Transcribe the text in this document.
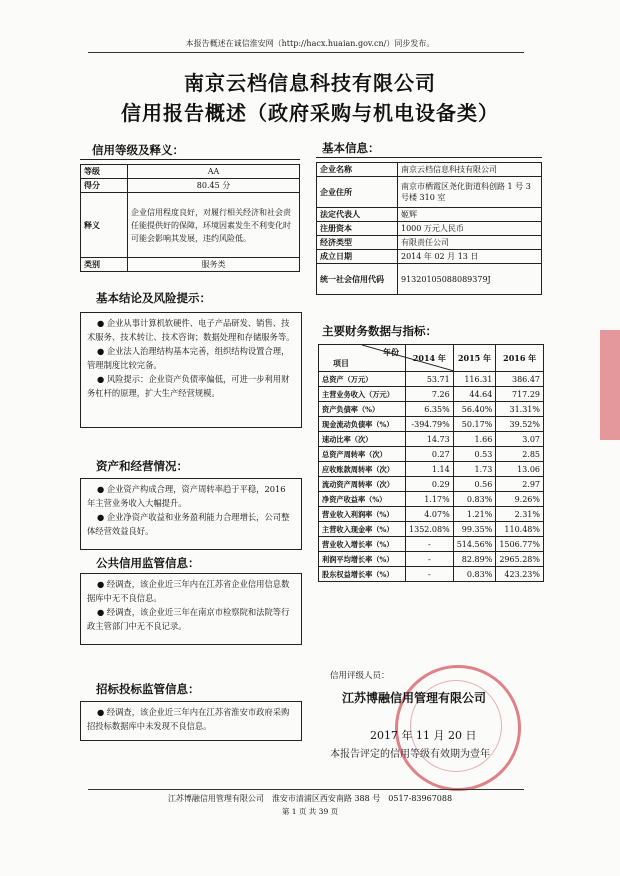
本报告概述在诚信淮安网（http://hacx.huaian.gov.cn/）同步发布。
南京云档信息科技有限公司
信用报告概述（政府采购与机电设备类）
信用等级及释义：
等级	AA
得分	80.45 分
释义	企业信用程度良好，对履行相关经济和社会责任能提供好的保障，环境因素发生不利变化时可能会影响其发展，违约风险低。
类别	服务类
基本信息：
企业名称	南京云档信息科技有限公司
企业住所	南京市栖霞区尧化街道科创路 1 号 3 号楼 310 室
法定代表人	姬辉
注册资本	1000 万元人民币
经济类型	有限责任公司
成立日期	2014 年 02 月 13 日
统一社会信用代码	91320105088089379J
基本结论及风险提示：

● 企业从事计算机软硬件、电子产品研发、销售、技术服务、技术转让、技术咨询；数据处理和存储服务等。

● 企业法人治理结构基本完善，组织结构设置合理，管理制度比较完备。

● 风险提示：企业资产负债率偏低，可进一步利用财务杠杆的原理，扩大生产经营规模。

资产和经营情况：

● 企业资产构成合理，资产周转率趋于平稳，2016 年主营业务收入大幅提升。

● 企业净资产收益和业务盈利能力合理增长，公司整体经营效益良好。

公共信用监管信息：

● 经调查，该企业近三年内在江苏省企业信用信息数据库中无不良信息。

● 经调查，该企业近三年在南京市检察院和法院等行政主管部门中无不良记录。

招标投标监管信息：

● 经调查，该企业近三年内在江苏省淮安市政府采购招投标数据库中未发现不良信息。

主要财务数据与指标：
年份
项目	2014 年	2015 年	2016 年
总资产（万元）	53.71	116.31	386.47
主营业务收入（万元）	7.26	44.64	717.29
资产负债率（%）	6.35%	56.40%	31.31%
现金流动负债率（%）	-394.79%	50.17%	39.52%
速动比率（次）	14.73	1.66	3.07
总资产周转率（次）	0.27	0.53	2.85
应收账款周转率（次）	1.14	1.73	13.06
流动资产周转率（次）	0.29	0.56	2.97
净资产收益率（%）	1.17%	0.83%	9.26%
营业收入利润率（%）	4.07%	1.21%	2.31%
主营收入现金率（%）	1352.08%	99.35%	110.48%
营业收入增长率（%）	-	514.56%	1506.77%
利润平均增长率（%）	-	82.89%	2965.28%
股东权益增长率（%）	-	0.83%	423.23%
信用评级人员：
江苏博融信用管理有限公司
2017 年 11 月 20 日
本报告评定的信用等级有效期为壹年
江苏博融信用管理有限公司　淮安市清浦区西安南路 388 号　0517-83967088
第 1 页 共 39 页
